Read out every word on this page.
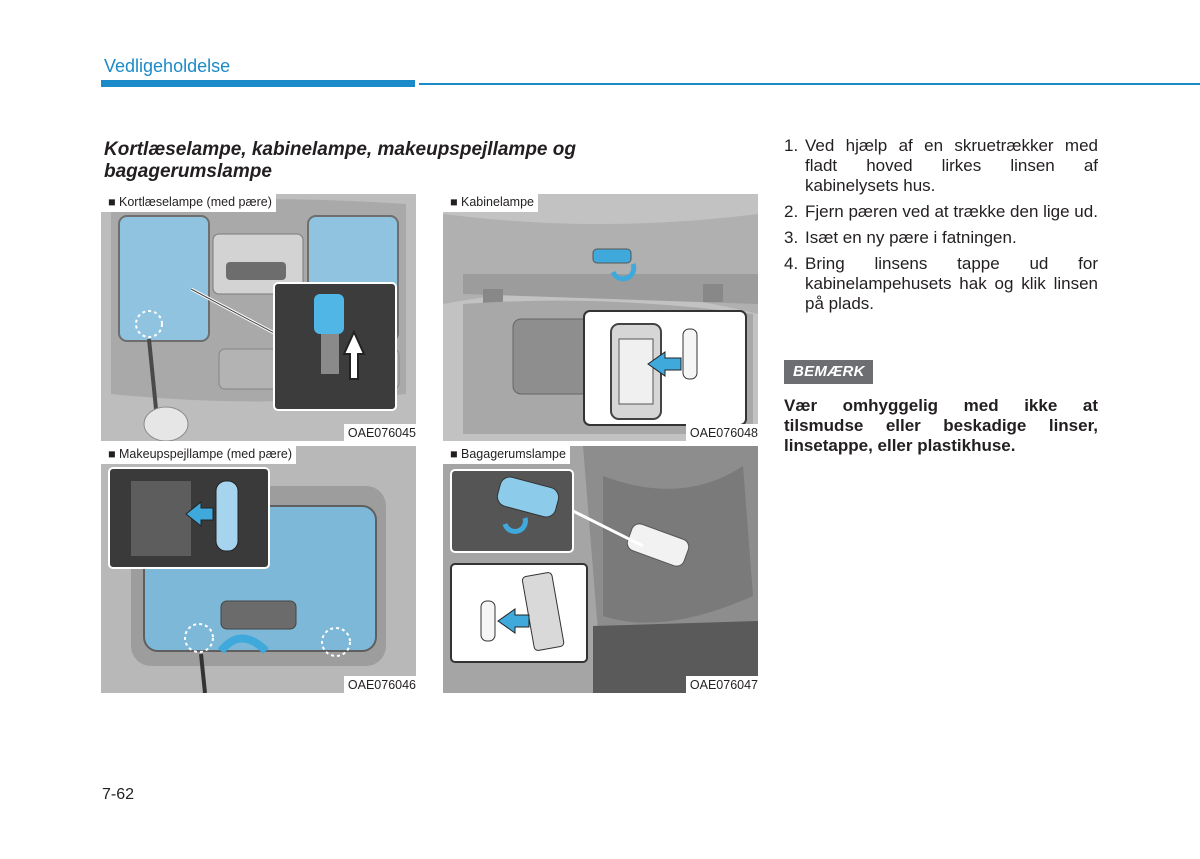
Vedligeholdelse
Kortlæselampe, kabinelampe, makeupspejllampe og bagagerumslampe
■ Kortlæselampe (med pære)
OAE076045
■ Kabinelampe
OAE076048
■ Makeupspejllampe (med pære)
OAE076046
■ Bagagerumslampe
OAE076047
1. Ved hjælp af en skruetrækker med fladt hoved lirkes linsen af kabinelysets hus.
2. Fjern pæren ved at trække den lige ud.
3. Isæt en ny pære i fatningen.
4. Bring linsens tappe ud for kabinelampehusets hak og klik linsen på plads.
BEMÆRK
Vær omhyggelig med ikke at tilsmudse eller beskadige linser, linsetappe, eller plastikhuse.
7-62
